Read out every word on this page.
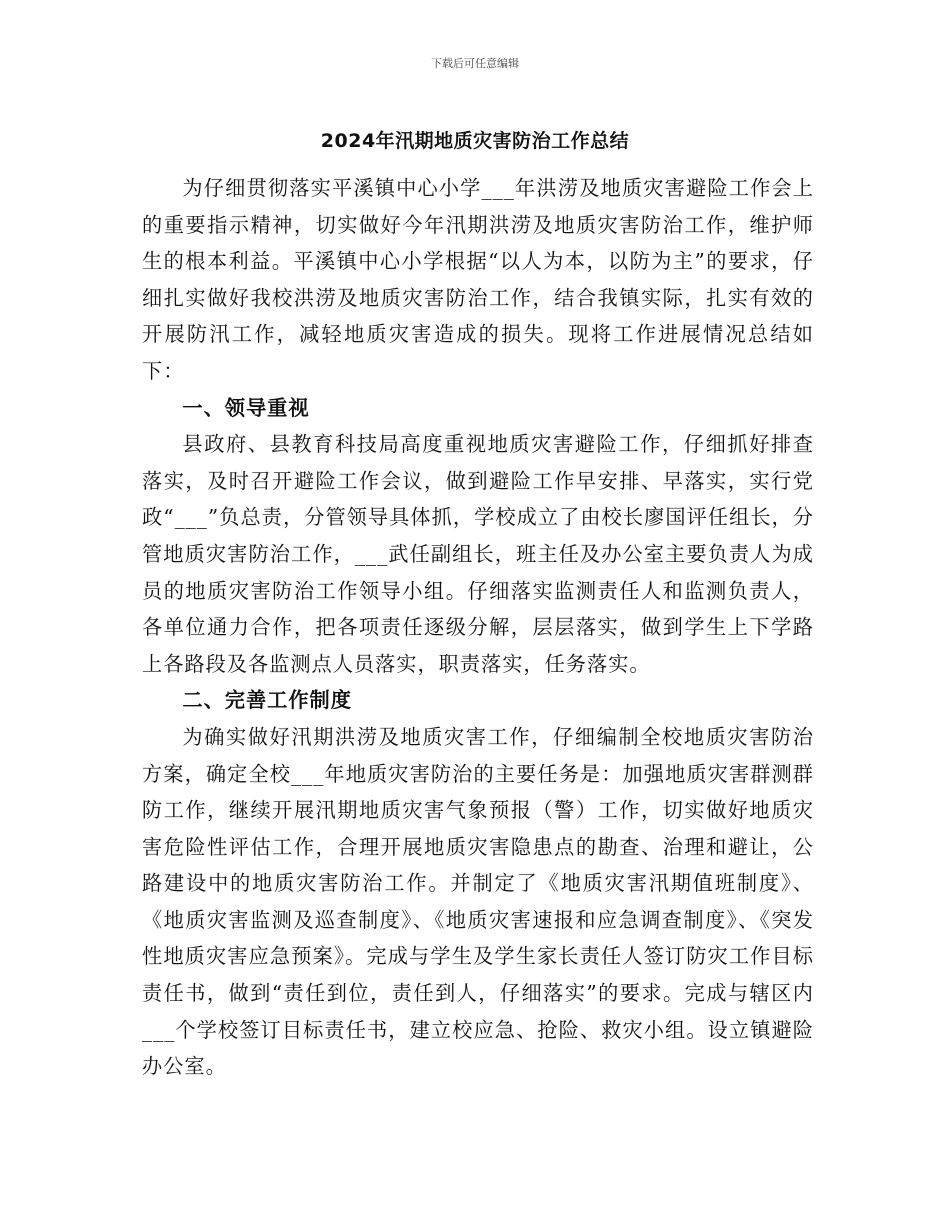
下载后可任意编辑
2024年汛期地质灾害防治工作总结

为仔细贯彻落实平溪镇中心小学___年洪涝及地质灾害避险工作会上的重要指示精神，切实做好今年汛期洪涝及地质灾害防治工作，维护师生的根本利益。平溪镇中心小学根据“以人为本，以防为主”的要求，仔细扎实做好我校洪涝及地质灾害防治工作，结合我镇实际，扎实有效的开展防汛工作，减轻地质灾害造成的损失。现将工作进展情况总结如下：

一、领导重视

县政府、县教育科技局高度重视地质灾害避险工作，仔细抓好排查落实，及时召开避险工作会议，做到避险工作早安排、早落实，实行党政“___”负总责，分管领导具体抓，学校成立了由校长廖国评任组长，分管地质灾害防治工作，___武任副组长，班主任及办公室主要负责人为成员的地质灾害防治工作领导小组。仔细落实监测责任人和监测负责人，各单位通力合作，把各项责任逐级分解，层层落实，做到学生上下学路上各路段及各监测点人员落实，职责落实，任务落实。

二、完善工作制度

为确实做好汛期洪涝及地质灾害工作，仔细编制全校地质灾害防治方案，确定全校___年地质灾害防治的主要任务是：加强地质灾害群测群防工作，继续开展汛期地质灾害气象预报（警）工作，切实做好地质灾害危险性评估工作，合理开展地质灾害隐患点的勘查、治理和避让，公路建设中的地质灾害防治工作。并制定了《地质灾害汛期值班制度》、《地质灾害监测及巡查制度》、《地质灾害速报和应急调查制度》、《突发性地质灾害应急预案》。完成与学生及学生家长责任人签订防灾工作目标责任书，做到“责任到位，责任到人，仔细落实”的要求。完成与辖区内___个学校签订目标责任书，建立校应急、抢险、救灾小组。设立镇避险办公室。
